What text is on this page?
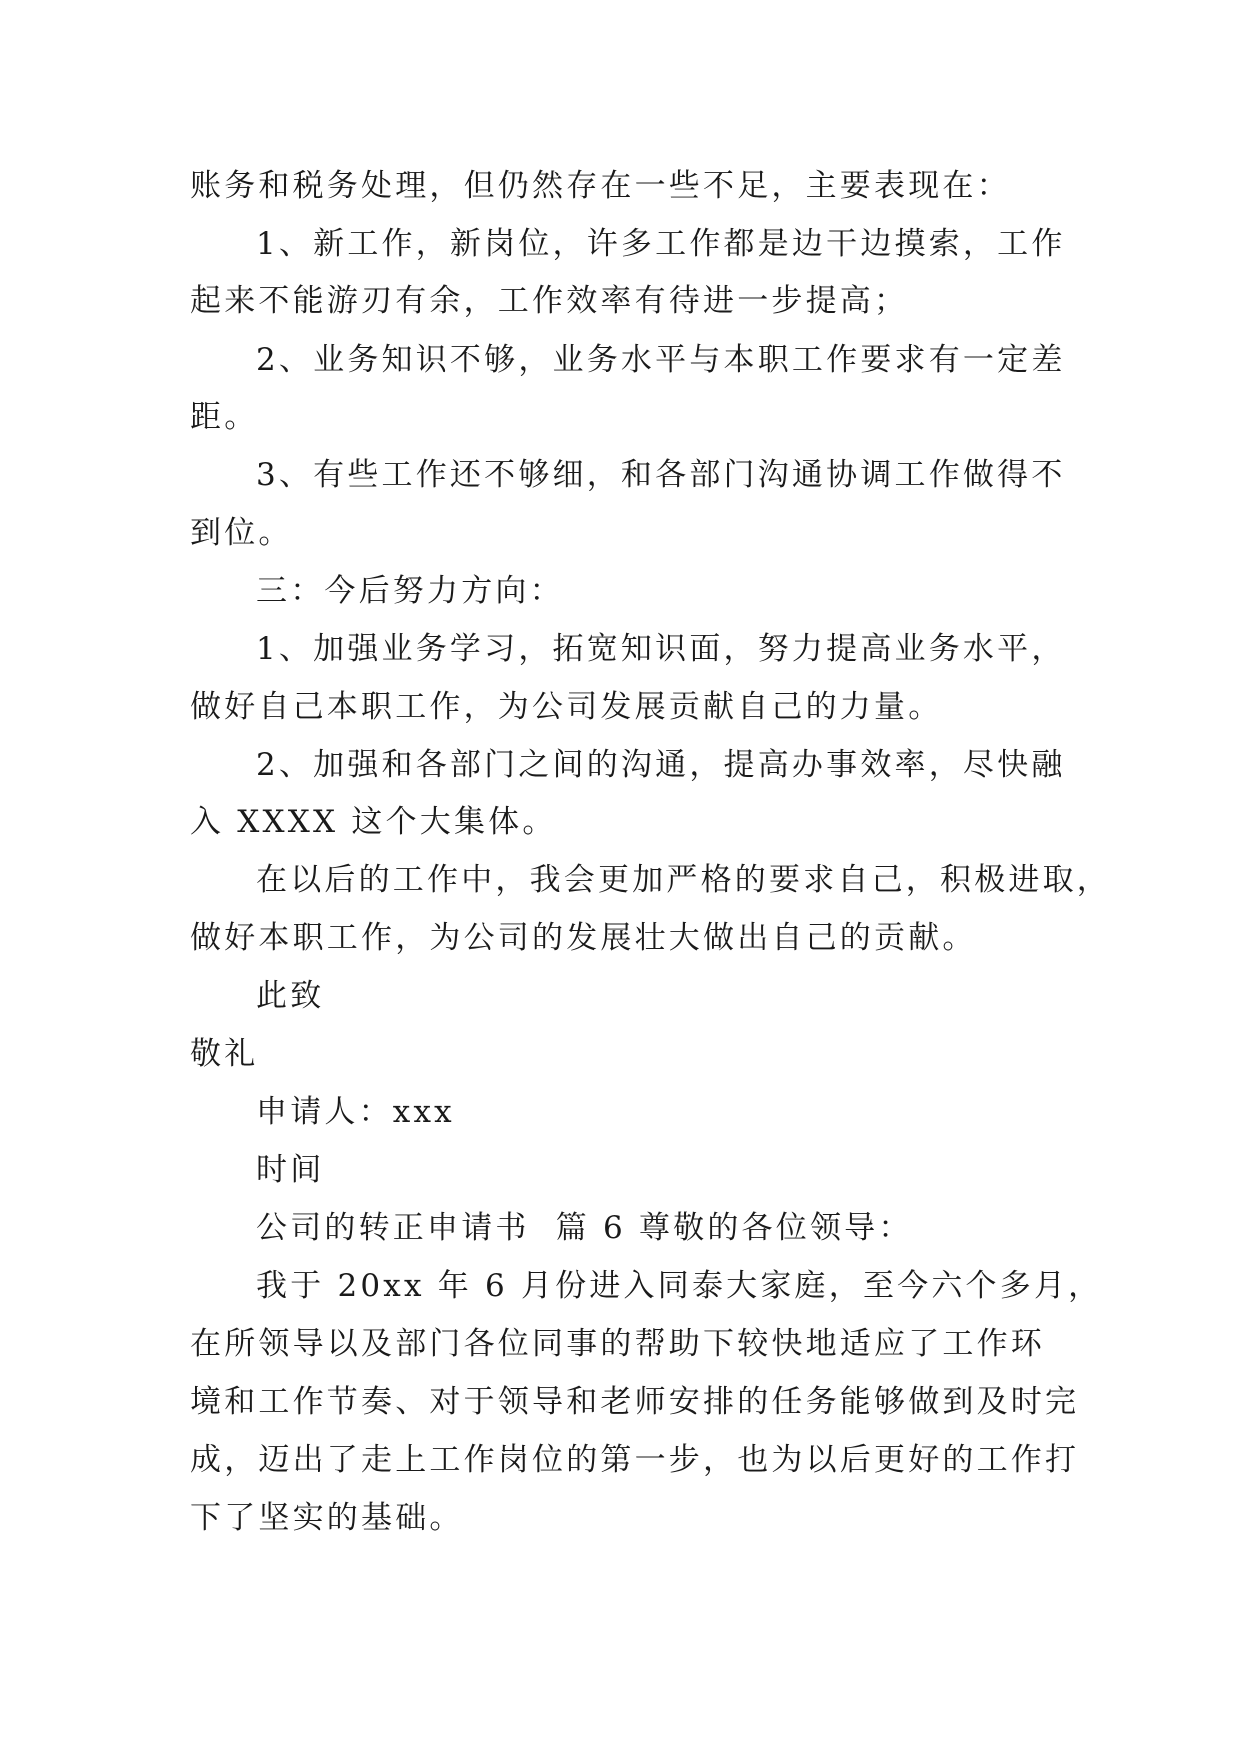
账务和税务处理，但仍然存在一些不足，主要表现在：
1、新工作，新岗位，许多工作都是边干边摸索，工作
起来不能游刃有余，工作效率有待进一步提高；
2、业务知识不够，业务水平与本职工作要求有一定差
距。
3、有些工作还不够细，和各部门沟通协调工作做得不
到位。
三：今后努力方向：
1、加强业务学习，拓宽知识面，努力提高业务水平，
做好自己本职工作，为公司发展贡献自己的力量。
2、加强和各部门之间的沟通，提高办事效率，尽快融
入 XXXX 这个大集体。
在以后的工作中，我会更加严格的要求自己，积极进取，
做好本职工作，为公司的发展壮大做出自己的贡献。
此致
敬礼
申请人：xxx
时间
公司的转正申请书  篇 6 尊敬的各位领导：
我于 20xx 年 6 月份进入同泰大家庭，至今六个多月，
在所领导以及部门各位同事的帮助下较快地适应了工作环
境和工作节奏、对于领导和老师安排的任务能够做到及时完
成，迈出了走上工作岗位的第一步，也为以后更好的工作打
下了坚实的基础。
